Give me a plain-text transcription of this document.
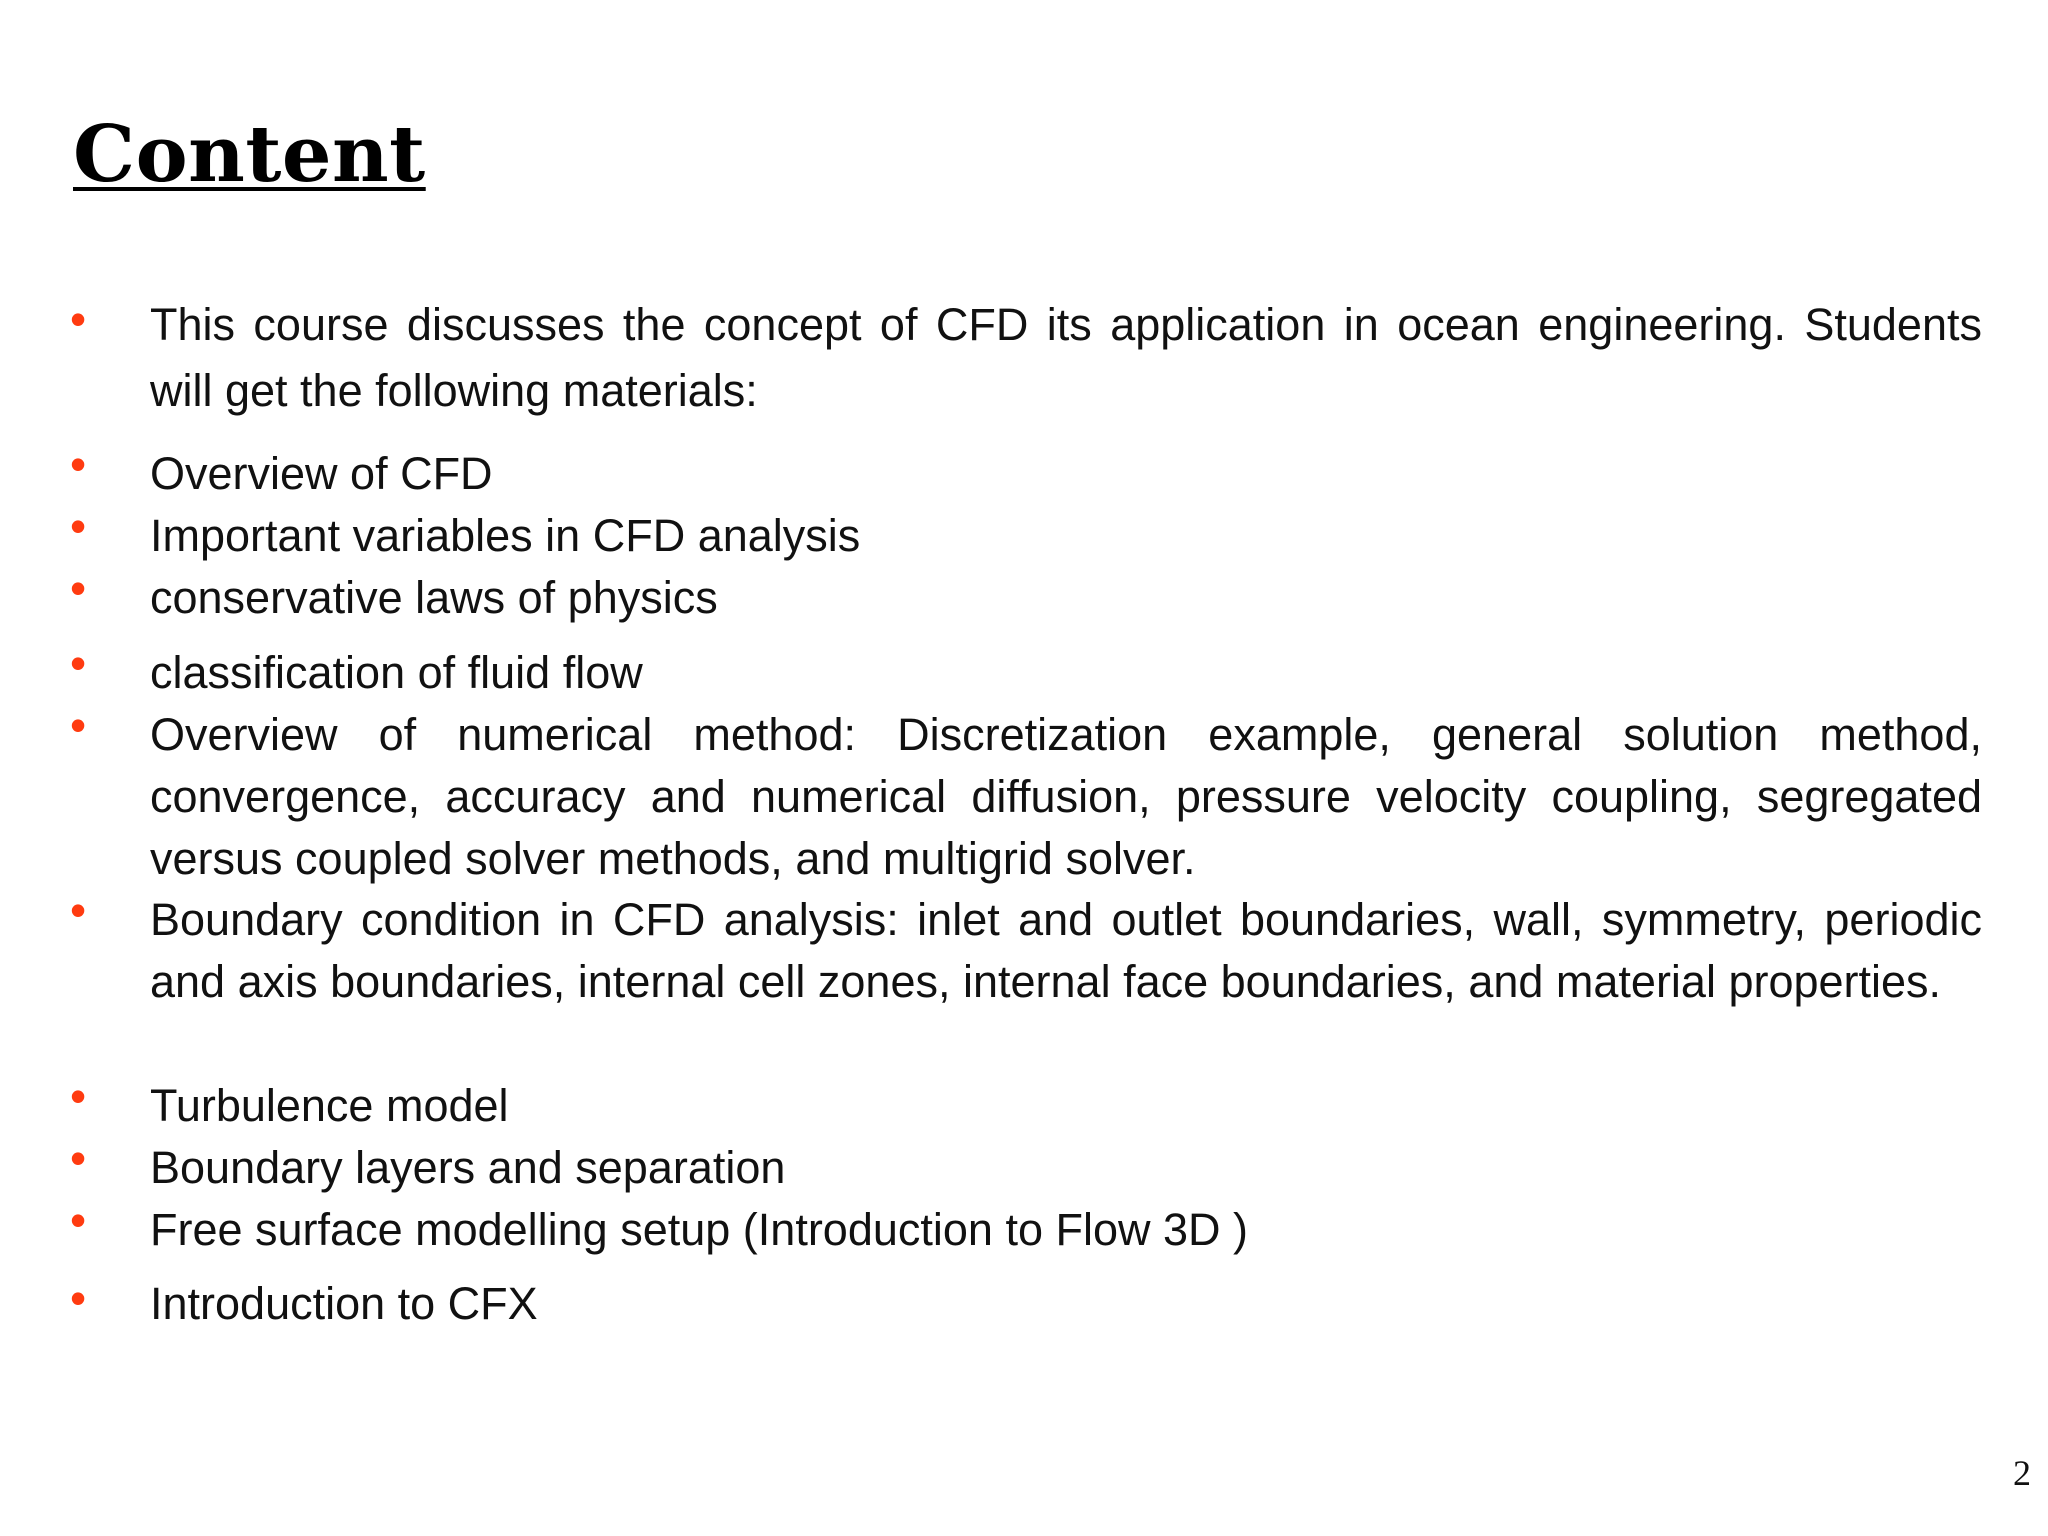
Content
•	This course discusses the concept of CFD its application in ocean engineering. Students will get the following materials:
•	Overview of CFD
•	Important variables in CFD analysis
•	conservative laws of physics
•	classification of fluid flow
•	Overview of numerical method: Discretization example, general solution method, convergence, accuracy and numerical diffusion, pressure velocity coupling, segregated versus coupled solver methods, and multigrid solver.
•	Boundary condition in CFD analysis: inlet and outlet boundaries, wall, symmetry, periodic and axis boundaries, internal cell zones, internal face boundaries, and material properties.
•	Turbulence model
•	Boundary layers and separation
•	Free surface modelling setup (Introduction to Flow 3D )
•	Introduction to CFX
2
